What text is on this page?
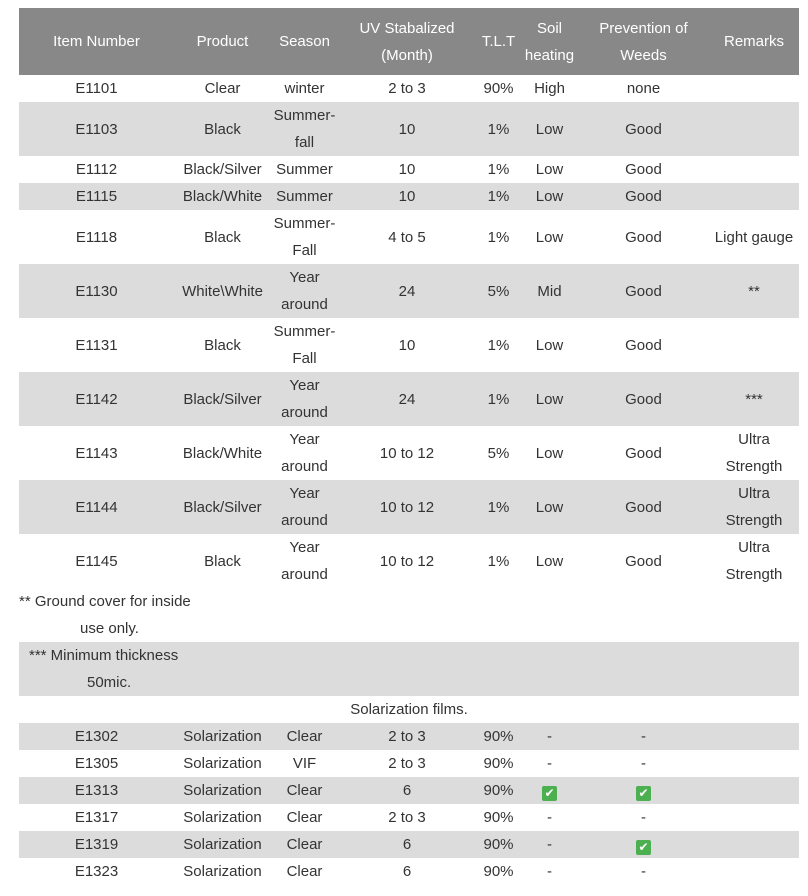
Item Number	Product	Season	UV Stabalized (Month)	T.L.T	Soil heating	Prevention of Weeds	Remarks
E1101	Clear	winter	2 to 3	90%	High	none	
E1103	Black	Summer-fall	10	1%	Low	Good	
E1112	Black/Silver	Summer	10	1%	Low	Good	
E1115	Black/White	Summer	10	1%	Low	Good	
E1118	Black	Summer-Fall	4 to 5	1%	Low	Good	Light gauge
E1130	White\White	Year around	24	5%	Mid	Good	**
E1131	Black	Summer-Fall	10	1%	Low	Good	
E1142	Black/Silver	Year around	24	1%	Low	Good	***
E1143	Black/White	Year around	10 to 12	5%	Low	Good	Ultra Strength
E1144	Black/Silver	Year around	10 to 12	1%	Low	Good	Ultra Strength
E1145	Black	Year around	10 to 12	1%	Low	Good	Ultra Strength
** Ground cover for inside

use only.							

*** Minimum thickness

50mic.							

Solarization films.							
E1302	Solarization	Clear	2 to 3	90%	-	-	
E1305	Solarization	VIF	2 to 3	90%	-	-	
E1313	Solarization	Clear	6	90%	✔	✔	
E1317	Solarization	Clear	2 to 3	90%	-	-	
E1319	Solarization	Clear	6	90%	-	✔	
E1323	Solarization	Clear	6	90%	-	-	
